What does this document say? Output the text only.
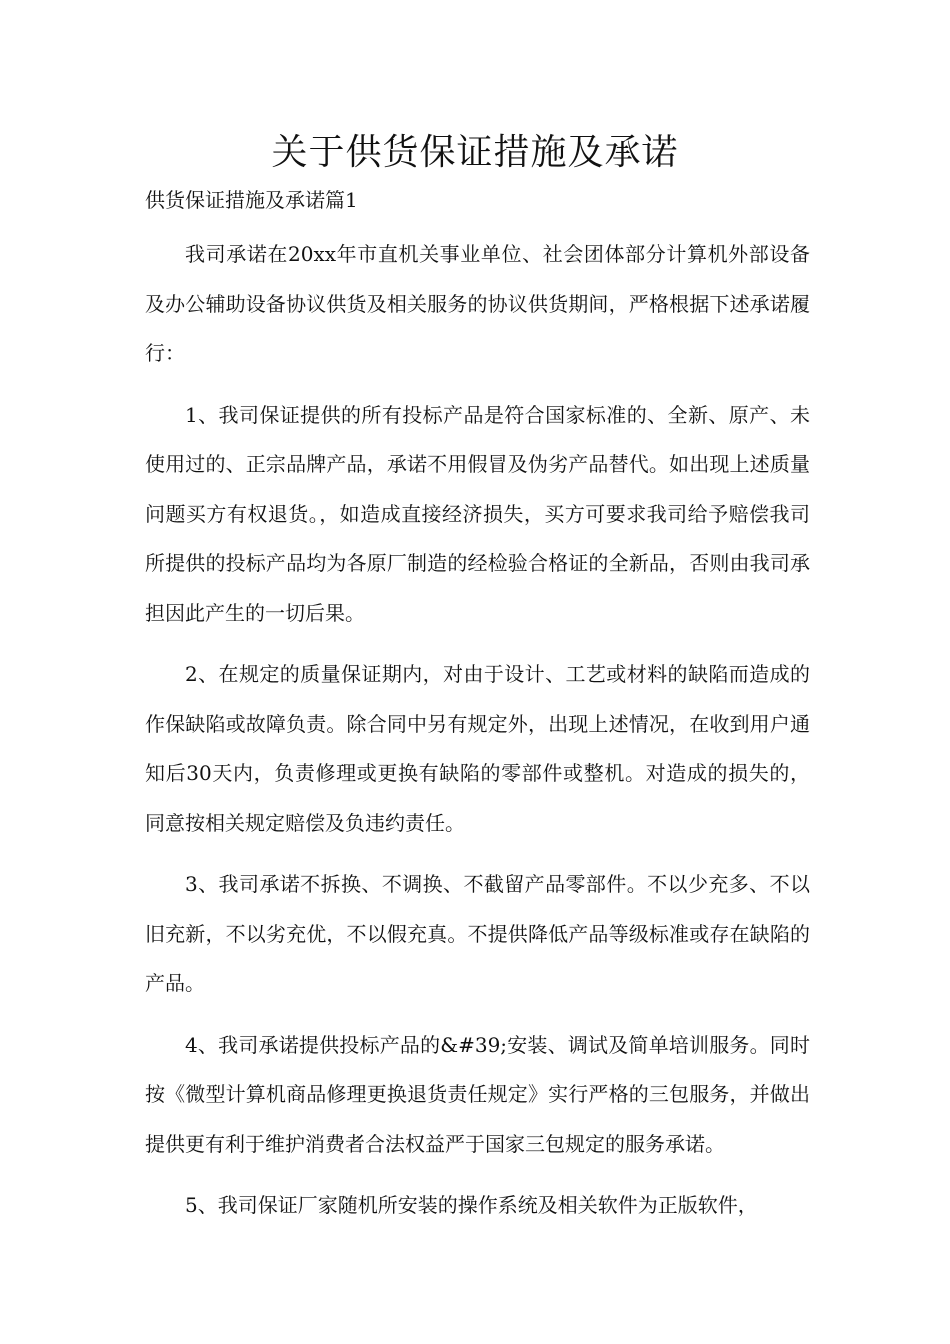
关于供货保证措施及承诺

供货保证措施及承诺篇1

我司承诺在20xx年市直机关事业单位、社会团体部分计算机外部设备及办公辅助设备协议供货及相关服务的协议供货期间，严格根据下述承诺履行：

1、我司保证提供的所有投标产品是符合国家标准的、全新、原产、未使用过的、正宗品牌产品，承诺不用假冒及伪劣产品替代。如出现上述质量问题买方有权退货。，如造成直接经济损失，买方可要求我司给予赔偿我司所提供的投标产品均为各原厂制造的经检验合格证的全新品，否则由我司承担因此产生的一切后果。

2、在规定的质量保证期内，对由于设计、工艺或材料的缺陷而造成的作保缺陷或故障负责。除合同中另有规定外，出现上述情况，在收到用户通知后30天内，负责修理或更换有缺陷的零部件或整机。对造成的损失的，同意按相关规定赔偿及负违约责任。

3、我司承诺不拆换、不调换、不截留产品零部件。不以少充多、不以旧充新，不以劣充优，不以假充真。不提供降低产品等级标准或存在缺陷的产品。

4、我司承诺提供投标产品的&#39;安装、调试及简单培训服务。同时按《微型计算机商品修理更换退货责任规定》实行严格的三包服务，并做出提供更有利于维护消费者合法权益严于国家三包规定的服务承诺。

5、我司保证厂家随机所安装的操作系统及相关软件为正版软件，
